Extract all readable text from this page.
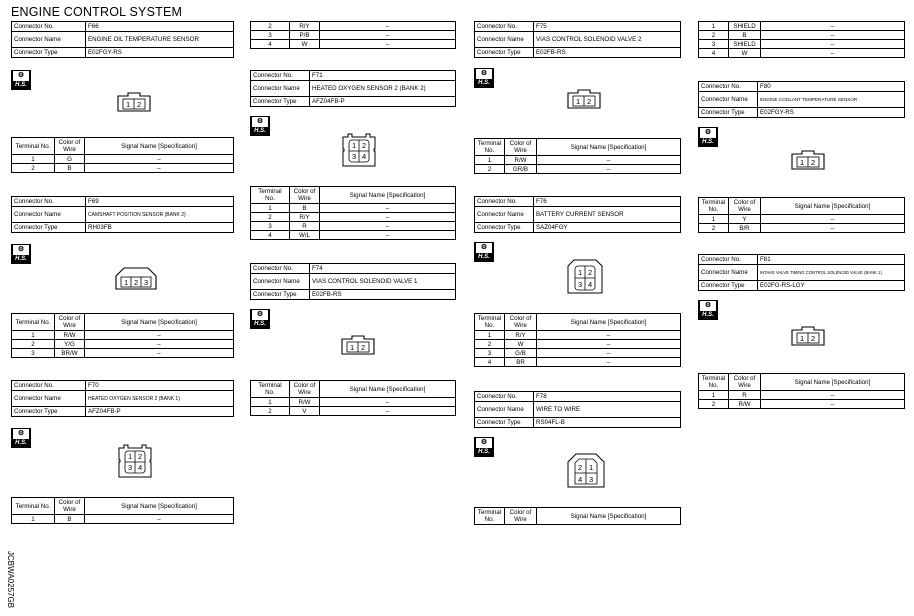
ENGINE CONTROL SYSTEM
JCBWA0257GB
Connector No.	F66
Connector Name	ENGINE OIL TEMPERATURE SENSOR
Connector Type	E02FGY-RS
⚙
H.S.
1 2
Terminal No.	Color of Wire	Signal Name [Specification]
1	G	–
2	B	–
Connector No.	F69
Connector Name	CAMSHAFT POSITION SENSOR (BANK 2)
Connector Type	RH03FB
⚙
H.S.
1 2 3
Terminal No.	Color of Wire	Signal Name [Specification]
1	R/W	–
2	Y/G	–
3	BR/W	–
Connector No.	F70
Connector Name	HEATED OXYGEN SENSOR 2 (BANK 1)
Connector Type	AFZ04FB-P
⚙
H.S.
1 2
3 4
Terminal No.	Color of Wire	Signal Name [Specification]
1	B	–
2	R/Y	–
3	P/B	–
4	W	–
Connector No.	F71
Connector Name	HEATED OXYGEN SENSOR 2 (BANK 2)
Connector Type	AFZ04FB-P
⚙
H.S.
1 2
3 4
Terminal No.	Color of Wire	Signal Name [Specification]
1	B	–
2	R/Y	–
3	R	–
4	W/L	–
Connector No.	F74
Connector Name	VIAS CONTROL SOLENOID VALVE 1
Connector Type	E02FB-RS
⚙
H.S.
1 2
Terminal No.	Color of Wire	Signal Name [Specification]
1	R/W	–
2	V	–
Connector No.	F75
Connector Name	VIAS CONTROL SOLENOID VALVE 2
Connector Type	E02FB-RS
⚙
H.S.
1 2
Terminal No.	Color of Wire	Signal Name [Specification]
1	R/W	–
2	GR/B	–
Connector No.	F76
Connector Name	BATTERY CURRENT SENSOR
Connector Type	SAZ04FGY
⚙
H.S.
1 2
3 4
Terminal No.	Color of Wire	Signal Name [Specification]
1	R/Y	–
2	W	–
3	G/B	–
4	BR	–
Connector No.	F78
Connector Name	WIRE TO WIRE
Connector Type	RS04FL-B
⚙
H.S.
2 1
4 3
Terminal No.	Color of Wire	Signal Name [Specification]
1	SHIELD	–
2	B	–
3	SHIELD	–
4	W	–
Connector No.	F80
Connector Name	ENGINE COOLANT TEMPERATURE SENSOR
Connector Type	E02FGY-RS
⚙
H.S.
1 2
Terminal No.	Color of Wire	Signal Name [Specification]
1	Y	–
2	B/R	–
Connector No.	F81
Connector Name	INTAKE VALVE TIMING CONTROL SOLENOID VALVE (BANK 1)
Connector Type	E02FG-RS-LGY
⚙
H.S.
1 2
Terminal No.	Color of Wire	Signal Name [Specification]
1	R	–
2	R/W	–
